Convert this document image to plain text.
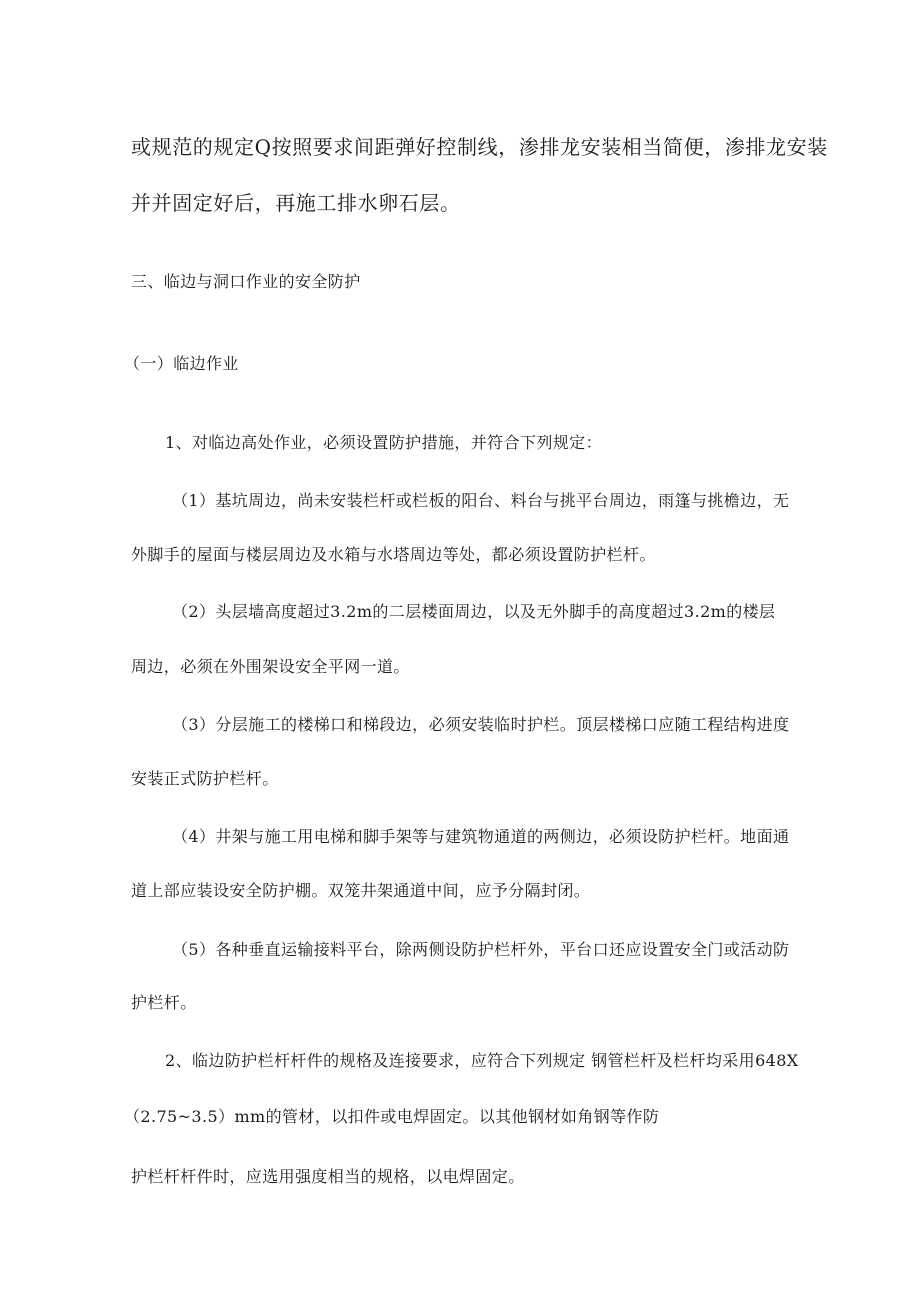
或规范的规定Q按照要求间距弹好控制线，渗排龙安装相当简便，渗排龙安装
并并固定好后，再施工排水卵石层。
三、临边与洞口作业的安全防护
（一）临边作业
1、对临边高处作业，必须设置防护措施，并符合下列规定：
（1）基坑周边，尚未安装栏杆或栏板的阳台、料台与挑平台周边，雨篷与挑檐边，无
外脚手的屋面与楼层周边及水箱与水塔周边等处，都必须设置防护栏杆。
（2）头层墙高度超过3.2m的二层楼面周边，以及无外脚手的高度超过3.2m的楼层
周边，必须在外围架设安全平网一道。
（3）分层施工的楼梯口和梯段边，必须安装临时护栏。顶层楼梯口应随工程结构进度
安装正式防护栏杆。
（4）井架与施工用电梯和脚手架等与建筑物通道的两侧边，必须设防护栏杆。地面通
道上部应装设安全防护棚。双笼井架通道中间，应予分隔封闭。
（5）各种垂直运输接料平台，除两侧设防护栏杆外，平台口还应设置安全门或活动防
护栏杆。
2、临边防护栏杆杆件的规格及连接要求，应符合下列规定 钢管栏杆及栏杆均采用648X
（2.75~3.5）mm的管材，以扣件或电焊固定。以其他钢材如角钢等作防
护栏杆杆件时，应选用强度相当的规格，以电焊固定。
